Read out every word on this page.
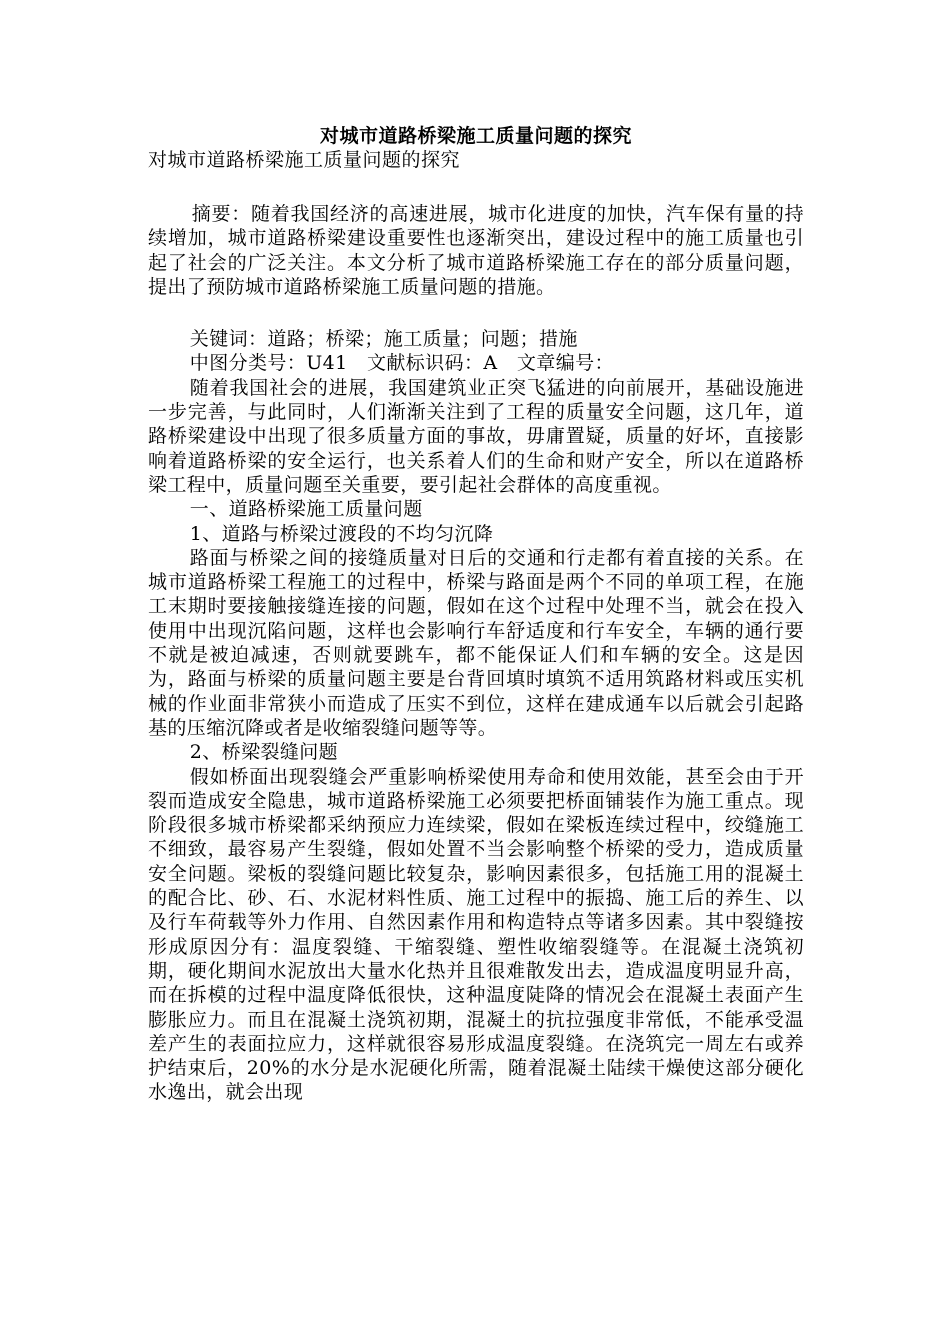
对城市道路桥梁施工质量问题的探究

对城市道路桥梁施工质量问题的探究

摘要：随着我国经济的高速进展，城市化进度的加快，汽车保有量的持续增加，城市道路桥梁建设重要性也逐渐突出，建设过程中的施工质量也引起了社会的广泛关注。本文分析了城市道路桥梁施工存在的部分质量问题，提出了预防城市道路桥梁施工质量问题的措施。

关键词：道路；桥梁；施工质量；问题；措施

中图分类号：U41　文献标识码：A　文章编号：

随着我国社会的进展，我国建筑业正突飞猛进的向前展开，基础设施进一步完善，与此同时，人们渐渐关注到了工程的质量安全问题，这几年，道路桥梁建设中出现了很多质量方面的事故，毋庸置疑，质量的好坏，直接影响着道路桥梁的安全运行，也关系着人们的生命和财产安全，所以在道路桥梁工程中，质量问题至关重要，要引起社会群体的高度重视。

一、道路桥梁施工质量问题

1、道路与桥梁过渡段的不均匀沉降

路面与桥梁之间的接缝质量对日后的交通和行走都有着直接的关系。在城市道路桥梁工程施工的过程中，桥梁与路面是两个不同的单项工程，在施工末期时要接触接缝连接的问题，假如在这个过程中处理不当，就会在投入使用中出现沉陷问题，这样也会影响行车舒适度和行车安全，车辆的通行要不就是被迫减速，否则就要跳车，都不能保证人们和车辆的安全。这是因为，路面与桥梁的质量问题主要是台背回填时填筑不适用筑路材料或压实机械的作业面非常狭小而造成了压实不到位，这样在建成通车以后就会引起路基的压缩沉降或者是收缩裂缝问题等等。

2、桥梁裂缝问题

假如桥面出现裂缝会严重影响桥梁使用寿命和使用效能，甚至会由于开裂而造成安全隐患，城市道路桥梁施工必须要把桥面铺装作为施工重点。现阶段很多城市桥梁都采纳预应力连续梁，假如在梁板连续过程中，绞缝施工不细致，最容易产生裂缝，假如处置不当会影响整个桥梁的受力，造成质量安全问题。梁板的裂缝问题比较复杂，影响因素很多，包括施工用的混凝土的配合比、砂、石、水泥材料性质、施工过程中的振捣、施工后的养生、以及行车荷载等外力作用、自然因素作用和构造特点等诸多因素。其中裂缝按形成原因分有：温度裂缝、干缩裂缝、塑性收缩裂缝等。在混凝土浇筑初期，硬化期间水泥放出大量水化热并且很难散发出去，造成温度明显升高，而在拆模的过程中温度降低很快，这种温度陡降的情况会在混凝土表面产生膨胀应力。而且在混凝土浇筑初期，混凝土的抗拉强度非常低，不能承受温差产生的表面拉应力，这样就很容易形成温度裂缝。在浇筑完一周左右或养护结束后，20%的水分是水泥硬化所需，随着混凝土陆续干燥使这部分硬化水逸出，就会出现
